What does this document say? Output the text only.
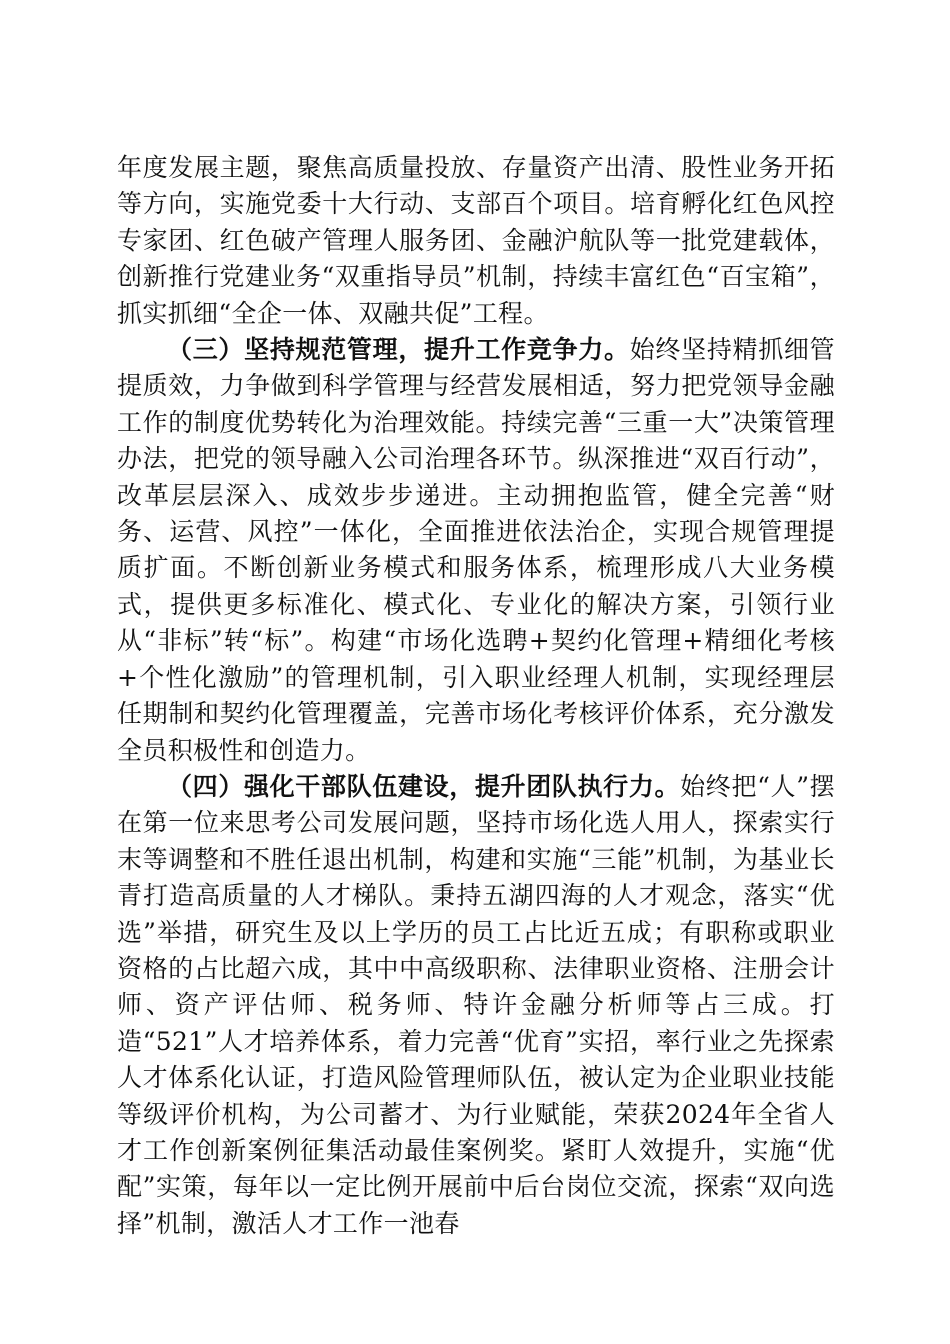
年度发展主题，聚焦高质量投放、存量资产出清、股性业务开拓等方向，实施党委十大行动、支部百个项目。培育孵化红色风控专家团、红色破产管理人服务团、金融沪航队等一批党建载体，创新推行党建业务“双重指导员”机制，持续丰富红色“百宝箱”，抓实抓细“全企一体、双融共促”工程。

（三）坚持规范管理，提升工作竞争力。始终坚持精抓细管提质效，力争做到科学管理与经营发展相适，努力把党领导金融工作的制度优势转化为治理效能。持续完善“三重一大”决策管理办法，把党的领导融入公司治理各环节。纵深推进“双百行动”，改革层层深入、成效步步递进。主动拥抱监管，健全完善“财务、运营、风控”一体化，全面推进依法治企，实现合规管理提质扩面。不断创新业务模式和服务体系，梳理形成八大业务模式，提供更多标准化、模式化、专业化的解决方案，引领行业从“非标”转“标”。构建“市场化选聘+契约化管理+精细化考核+个性化激励”的管理机制，引入职业经理人机制，实现经理层任期制和契约化管理覆盖，完善市场化考核评价体系，充分激发全员积极性和创造力。

（四）强化干部队伍建设，提升团队执行力。始终把“人”摆在第一位来思考公司发展问题，坚持市场化选人用人，探索实行末等调整和不胜任退出机制，构建和实施“三能”机制，为基业长青打造高质量的人才梯队。秉持五湖四海的人才观念，落实“优选”举措，研究生及以上学历的员工占比近五成；有职称或职业资格的占比超六成，其中中高级职称、法律职业资格、注册会计师、资产评估师、税务师、特许金融分析师等占三成。打造“521”人才培养体系，着力完善“优育”实招，率行业之先探索人才体系化认证，打造风险管理师队伍，被认定为企业职业技能等级评价机构，为公司蓄才、为行业赋能，荣获2024年全省人才工作创新案例征集活动最佳案例奖。紧盯人效提升，实施“优配”实策，每年以一定比例开展前中后台岗位交流，探索“双向选择”机制，激活人才工作一池春
